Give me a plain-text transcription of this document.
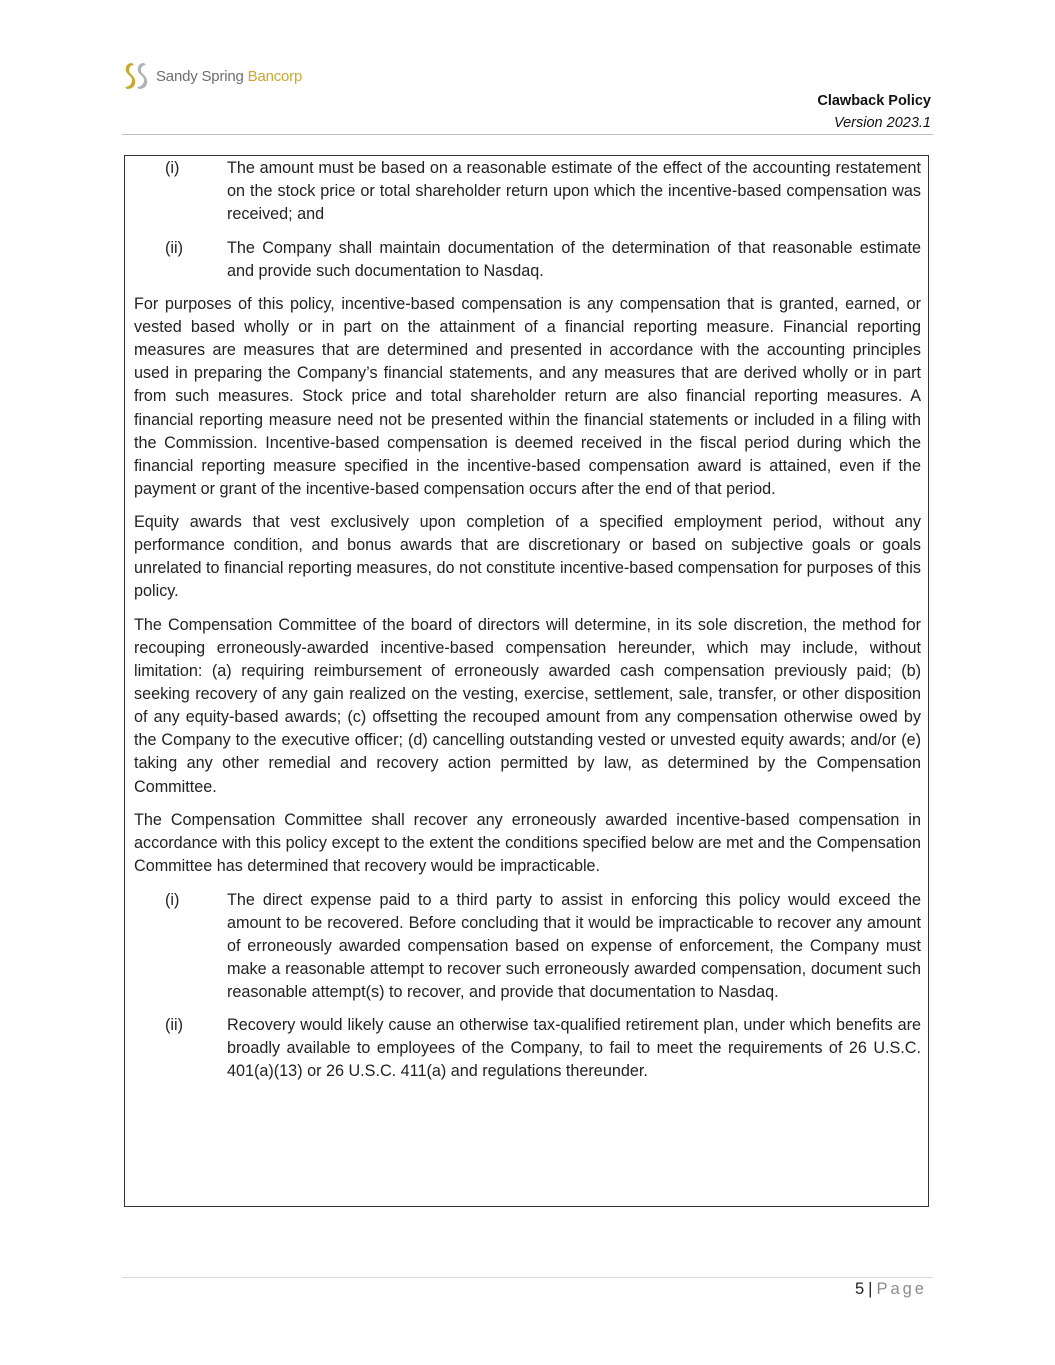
Sandy Spring Bancorp
Clawback Policy
Version 2023.1
(i)	The amount must be based on a reasonable estimate of the effect of the accounting restatement on the stock price or total shareholder return upon which the incentive-based compensation was received; and
(ii)	The Company shall maintain documentation of the determination of that reasonable estimate and provide such documentation to Nasdaq.

For purposes of this policy, incentive-based compensation is any compensation that is granted, earned, or vested based wholly or in part on the attainment of a financial reporting measure. Financial reporting measures are measures that are determined and presented in accordance with the accounting principles used in preparing the Company’s financial statements, and any measures that are derived wholly or in part from such measures. Stock price and total shareholder return are also financial reporting measures. A financial reporting measure need not be presented within the financial statements or included in a filing with the Commission. Incentive-based compensation is deemed received in the fiscal period during which the financial reporting measure specified in the incentive-based compensation award is attained, even if the payment or grant of the incentive-based compensation occurs after the end of that period.

Equity awards that vest exclusively upon completion of a specified employment period, without any performance condition, and bonus awards that are discretionary or based on subjective goals or goals unrelated to financial reporting measures, do not constitute incentive-based compensation for purposes of this policy.

The Compensation Committee of the board of directors will determine, in its sole discretion, the method for recouping erroneously-awarded incentive-based compensation hereunder, which may include, without limitation: (a) requiring reimbursement of erroneously awarded cash compensation previously paid; (b) seeking recovery of any gain realized on the vesting, exercise, settlement, sale, transfer, or other disposition of any equity-based awards; (c) offsetting the recouped amount from any compensation otherwise owed by the Company to the executive officer; (d) cancelling outstanding vested or unvested equity awards; and/or (e) taking any other remedial and recovery action permitted by law, as determined by the Compensation Committee.

The Compensation Committee shall recover any erroneously awarded incentive-based compensation in accordance with this policy except to the extent the conditions specified below are met and the Compensation Committee has determined that recovery would be impracticable.

(i)	The direct expense paid to a third party to assist in enforcing this policy would exceed the amount to be recovered. Before concluding that it would be impracticable to recover any amount of erroneously awarded compensation based on expense of enforcement, the Company must make a reasonable attempt to recover such erroneously awarded compensation, document such reasonable attempt(s) to recover, and provide that documentation to Nasdaq.
(ii)	Recovery would likely cause an otherwise tax-qualified retirement plan, under which benefits are broadly available to employees of the Company, to fail to meet the requirements of 26 U.S.C. 401(a)(13) or 26 U.S.C. 411(a) and regulations thereunder.
5 | Page
